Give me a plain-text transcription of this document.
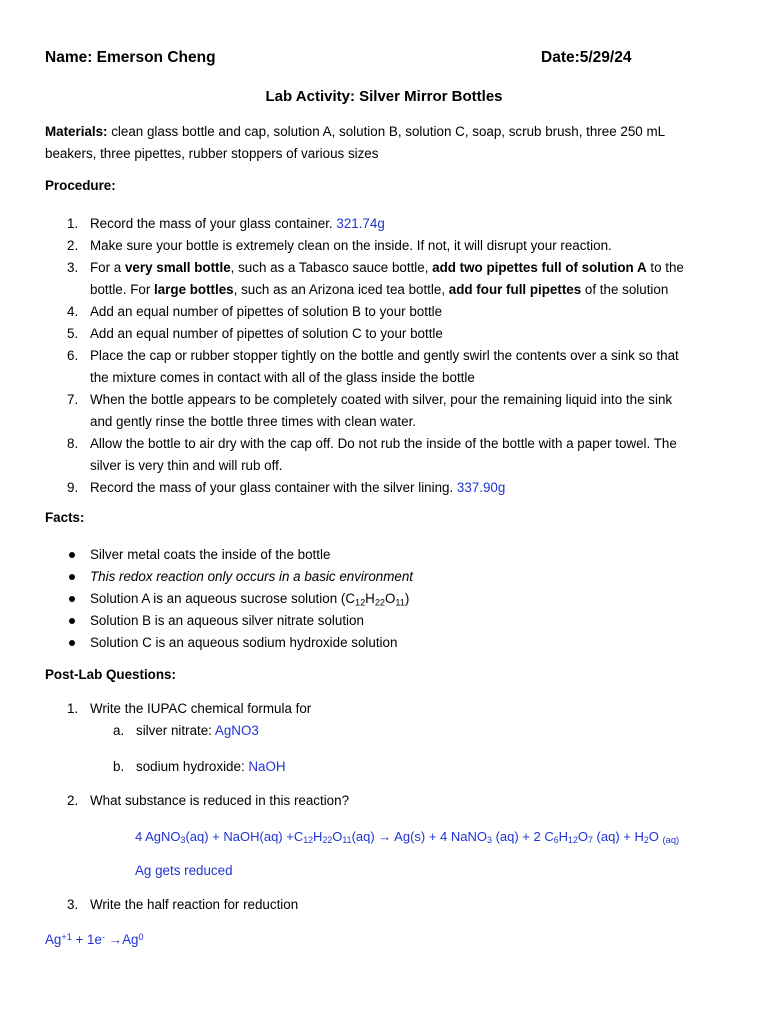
Name: Emerson Cheng	Date:5/29/24
Lab Activity: Silver Mirror Bottles
Materials: clean glass bottle and cap, solution A, solution B, solution C, soap, scrub brush, three 250 mL
beakers, three pipettes, rubber stoppers of various sizes
Procedure:
1. Record the mass of your glass container. 321.74g
2. Make sure your bottle is extremely clean on the inside. If not, it will disrupt your reaction.
3. For a very small bottle, such as a Tabasco sauce bottle, add two pipettes full of solution A to the
bottle. For large bottles, such as an Arizona iced tea bottle, add four full pipettes of the solution
4. Add an equal number of pipettes of solution B to your bottle
5. Add an equal number of pipettes of solution C to your bottle
6. Place the cap or rubber stopper tightly on the bottle and gently swirl the contents over a sink so that
the mixture comes in contact with all of the glass inside the bottle
7. When the bottle appears to be completely coated with silver, pour the remaining liquid into the sink
and gently rinse the bottle three times with clean water.
8. Allow the bottle to air dry with the cap off. Do not rub the inside of the bottle with a paper towel. The
silver is very thin and will rub off.
9. Record the mass of your glass container with the silver lining. 337.90g
Facts:
Silver metal coats the inside of the bottle
This redox reaction only occurs in a basic environment
Solution A is an aqueous sucrose solution $(C_{12}H_{22}O_{11})$
Solution B is an aqueous silver nitrate solution
Solution C is an aqueous sodium hydroxide solution
Post-Lab Questions:
1. Write the IUPAC chemical formula for
a. silver nitrate: AgNO3
b. sodium hydroxide: NaOH
2. What substance is reduced in this reaction?
4 AgNO$_3$(aq) + NaOH(aq) $+C_{12}H_{22}O_{11}(aq) \to Ag(s) + 4$ NaNO$_3$ (aq) + 2 $C_6H_{12}O_7$ $(aq) + H_2O$ (aq)
Ag gets reduced
3. Write the half reaction for reduction
$Ag^{+1} + 1e^- \to Ag^0$
